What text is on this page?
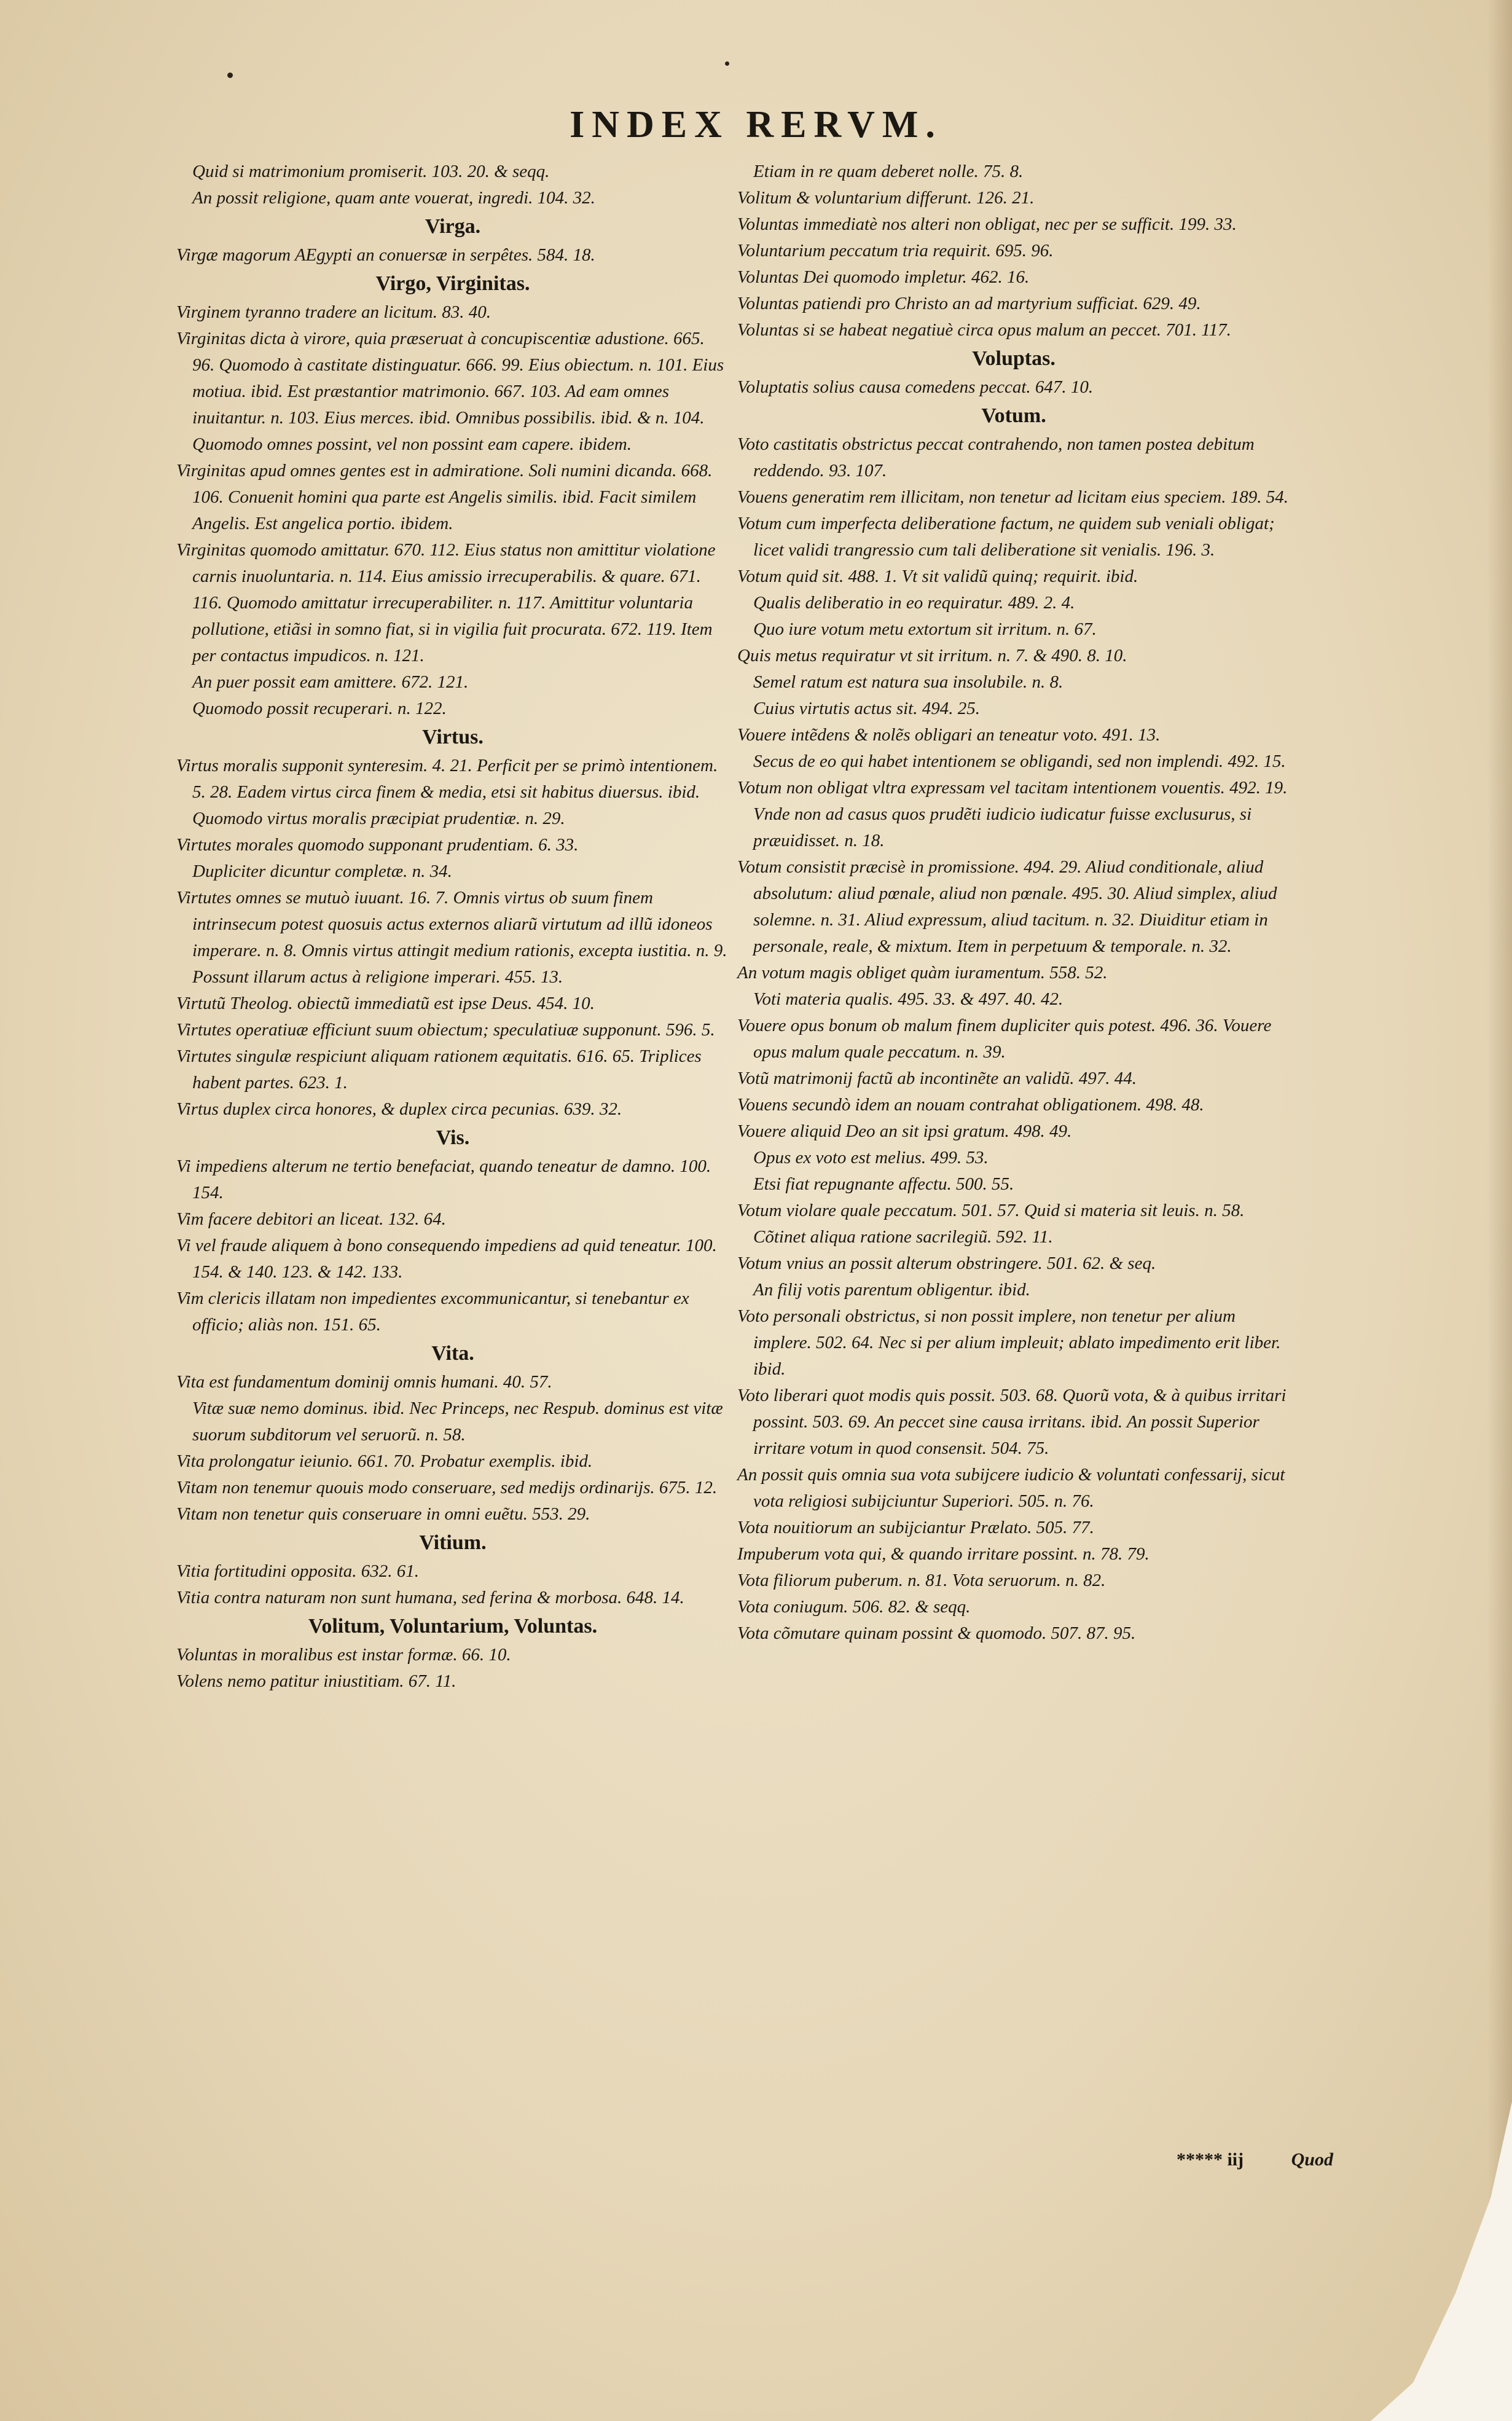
INDEX RERVM.
Quid si matrimonium promiserit. 103. 20. & seqq.
An possit religione, quam ante vouerat, ingredi. 104. 32.
Virga.
Virgæ magorum AEgypti an conuersæ in serpêtes. 584. 18.
Virgo, Virginitas.
Virginem tyranno tradere an licitum. 83. 40.
Virginitas dicta à virore, quia præseruat à concupiscentiæ adustione. 665. 96. Quomodo à castitate distinguatur. 666. 99. Eius obiectum. n. 101. Eius motiua. ibid. Est præstantior matrimonio. 667. 103. Ad eam omnes inuitantur. n. 103. Eius merces. ibid. Omnibus possibilis. ibid. & n. 104. Quomodo omnes possint, vel non possint eam capere. ibidem.
Virginitas apud omnes gentes est in admiratione. Soli numini dicanda. 668. 106. Conuenit homini qua parte est Angelis similis. ibid. Facit similem Angelis. Est angelica portio. ibidem.
Virginitas quomodo amittatur. 670. 112. Eius status non amittitur violatione carnis inuoluntaria. n. 114. Eius amissio irrecuperabilis. & quare. 671. 116. Quomodo amittatur irrecuperabiliter. n. 117. Amittitur voluntaria pollutione, etiãsi in somno fiat, si in vigilia fuit procurata. 672. 119. Item per contactus impudicos. n. 121.
An puer possit eam amittere. 672. 121.
Quomodo possit recuperari. n. 122.
Virtus.
Virtus moralis supponit synteresim. 4. 21. Perficit per se primò intentionem. 5. 28. Eadem virtus circa finem & media, etsi sit habitus diuersus. ibid. Quomodo virtus moralis præcipiat prudentiæ. n. 29.
Virtutes morales quomodo supponant prudentiam. 6. 33.
Dupliciter dicuntur completæ. n. 34.
Virtutes omnes se mutuò iuuant. 16. 7. Omnis virtus ob suum finem intrinsecum potest quosuis actus externos aliarũ virtutum ad illũ idoneos imperare. n. 8. Omnis virtus attingit medium rationis, excepta iustitia. n. 9.
Possunt illarum actus à religione imperari. 455. 13.
Virtutũ Theolog. obiectũ immediatũ est ipse Deus. 454. 10.
Virtutes operatiuæ efficiunt suum obiectum; speculatiuæ supponunt. 596. 5.
Virtutes singulæ respiciunt aliquam rationem æquitatis. 616. 65. Triplices habent partes. 623. 1.
Virtus duplex circa honores, & duplex circa pecunias. 639. 32.
Vis.
Vi impediens alterum ne tertio benefaciat, quando teneatur de damno. 100. 154.
Vim facere debitori an liceat. 132. 64.
Vi vel fraude aliquem à bono consequendo impediens ad quid teneatur. 100. 154. & 140. 123. & 142. 133.
Vim clericis illatam non impedientes excommunicantur, si tenebantur ex officio; aliàs non. 151. 65.
Vita.
Vita est fundamentum dominij omnis humani. 40. 57.
Vitæ suæ nemo dominus. ibid. Nec Princeps, nec Respub. dominus est vitæ suorum subditorum vel seruorũ. n. 58.
Vita prolongatur ieiunio. 661. 70. Probatur exemplis. ibid.
Vitam non tenemur quouis modo conseruare, sed medijs ordinarijs. 675. 12.
Vitam non tenetur quis conseruare in omni euẽtu. 553. 29.
Vitium.
Vitia fortitudini opposita. 632. 61.
Vitia contra naturam non sunt humana, sed ferina & morbosa. 648. 14.
Volitum, Voluntarium, Voluntas.
Voluntas in moralibus est instar formæ. 66. 10.
Volens nemo patitur iniustitiam. 67. 11.
Etiam in re quam deberet nolle. 75. 8.
Volitum & voluntarium differunt. 126. 21.
Voluntas immediatè nos alteri non obligat, nec per se sufficit. 199. 33.
Voluntarium peccatum tria requirit. 695. 96.
Voluntas Dei quomodo impletur. 462. 16.
Voluntas patiendi pro Christo an ad martyrium sufficiat. 629. 49.
Voluntas si se habeat negatiuè circa opus malum an peccet. 701. 117.
Voluptas.
Voluptatis solius causa comedens peccat. 647. 10.
Votum.
Voto castitatis obstrictus peccat contrahendo, non tamen postea debitum reddendo. 93. 107.
Vouens generatim rem illicitam, non tenetur ad licitam eius speciem. 189. 54.
Votum cum imperfecta deliberatione factum, ne quidem sub veniali obligat; licet validi trangressio cum tali deliberatione sit venialis. 196. 3.
Votum quid sit. 488. 1. Vt sit validũ quinq; requirit. ibid.
Qualis deliberatio in eo requiratur. 489. 2. 4.
Quo iure votum metu extortum sit irritum. n. 67.
Quis metus requiratur vt sit irritum. n. 7. & 490. 8. 10.
Semel ratum est natura sua insolubile. n. 8.
Cuius virtutis actus sit. 494. 25.
Vouere intẽdens & nolẽs obligari an teneatur voto. 491. 13.
Secus de eo qui habet intentionem se obligandi, sed non implendi. 492. 15.
Votum non obligat vltra expressam vel tacitam intentionem vouentis. 492. 19. Vnde non ad casus quos prudẽti iudicio iudicatur fuisse exclusurus, si præuidisset. n. 18.
Votum consistit præcisè in promissione. 494. 29. Aliud conditionale, aliud absolutum: aliud pœnale, aliud non pœnale. 495. 30. Aliud simplex, aliud solemne. n. 31. Aliud expressum, aliud tacitum. n. 32. Diuiditur etiam in personale, reale, & mixtum. Item in perpetuum & temporale. n. 32.
An votum magis obliget quàm iuramentum. 558. 52.
Voti materia qualis. 495. 33. & 497. 40. 42.
Vouere opus bonum ob malum finem dupliciter quis potest. 496. 36. Vouere opus malum quale peccatum. n. 39.
Votũ matrimonij factũ ab incontinẽte an validũ. 497. 44.
Vouens secundò idem an nouam contrahat obligationem. 498. 48.
Vouere aliquid Deo an sit ipsi gratum. 498. 49.
Opus ex voto est melius. 499. 53.
Etsi fiat repugnante affectu. 500. 55.
Votum violare quale peccatum. 501. 57. Quid si materia sit leuis. n. 58. Cõtinet aliqua ratione sacrilegiũ. 592. 11.
Votum vnius an possit alterum obstringere. 501. 62. & seq.
An filij votis parentum obligentur. ibid.
Voto personali obstrictus, si non possit implere, non tenetur per alium implere. 502. 64. Nec si per alium impleuit; ablato impedimento erit liber. ibid.
Voto liberari quot modis quis possit. 503. 68. Quorũ vota, & à quibus irritari possint. 503. 69. An peccet sine causa irritans. ibid. An possit Superior irritare votum in quod consensit. 504. 75.
An possit quis omnia sua vota subijcere iudicio & voluntati confessarij, sicut vota religiosi subijciuntur Superiori. 505. n. 76.
Vota nouitiorum an subijciantur Prælato. 505. 77.
Impuberum vota qui, & quando irritare possint. n. 78. 79.
Vota filiorum puberum. n. 81. Vota seruorum. n. 82.
Vota coniugum. 506. 82. & seqq.
Vota cõmutare quinam possint & quomodo. 507. 87. 95.
***** iij	Quod
